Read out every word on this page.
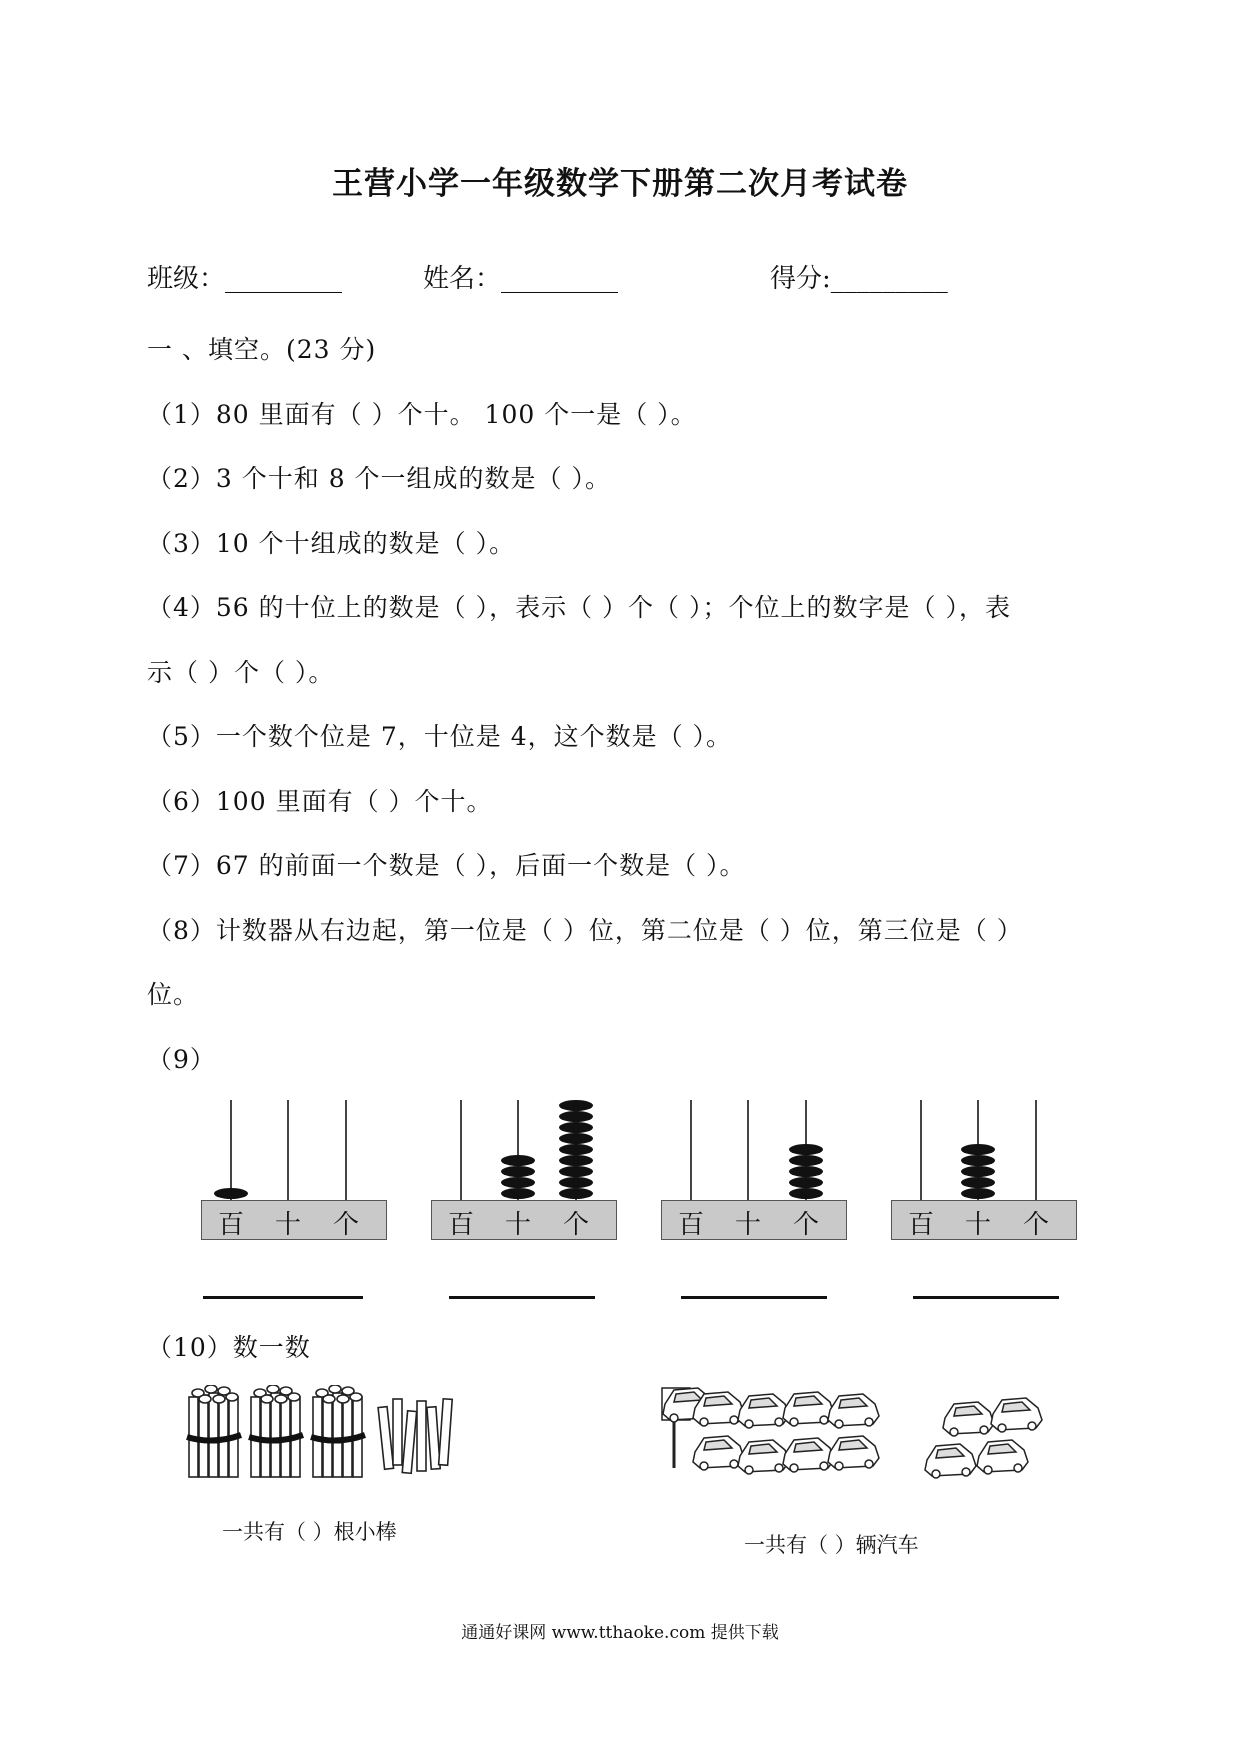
王营小学一年级数学下册第二次月考试卷
班级：_________	姓名：_________	得分:_________
一 、填空。(23 分)
（1）80 里面有（ ）个十。 100 个一是（ ）。
（2）3 个十和 8 个一组成的数是（ ）。
（3）10 个十组成的数是（ ）。
（4）56 的十位上的数是（ ），表示（ ）个（ ）；个位上的数字是（ ），表
示（ ）个（ ）。
（5）一个数个位是 7，十位是 4，这个数是（ ）。
（6）100 里面有（ ）个十。
（7）67 的前面一个数是（ ），后面一个数是（ ）。
（8）计数器从右边起，第一位是（ ）位，第二位是（ ）位，第三位是（ ）
位。
（9）
百 十 个	百 十 个	百 十 个	百 十 个
（10）数一数
一共有（ ）根小棒
一共有（ ）辆汽车
通通好课网 www.tthaoke.com 提供下载
